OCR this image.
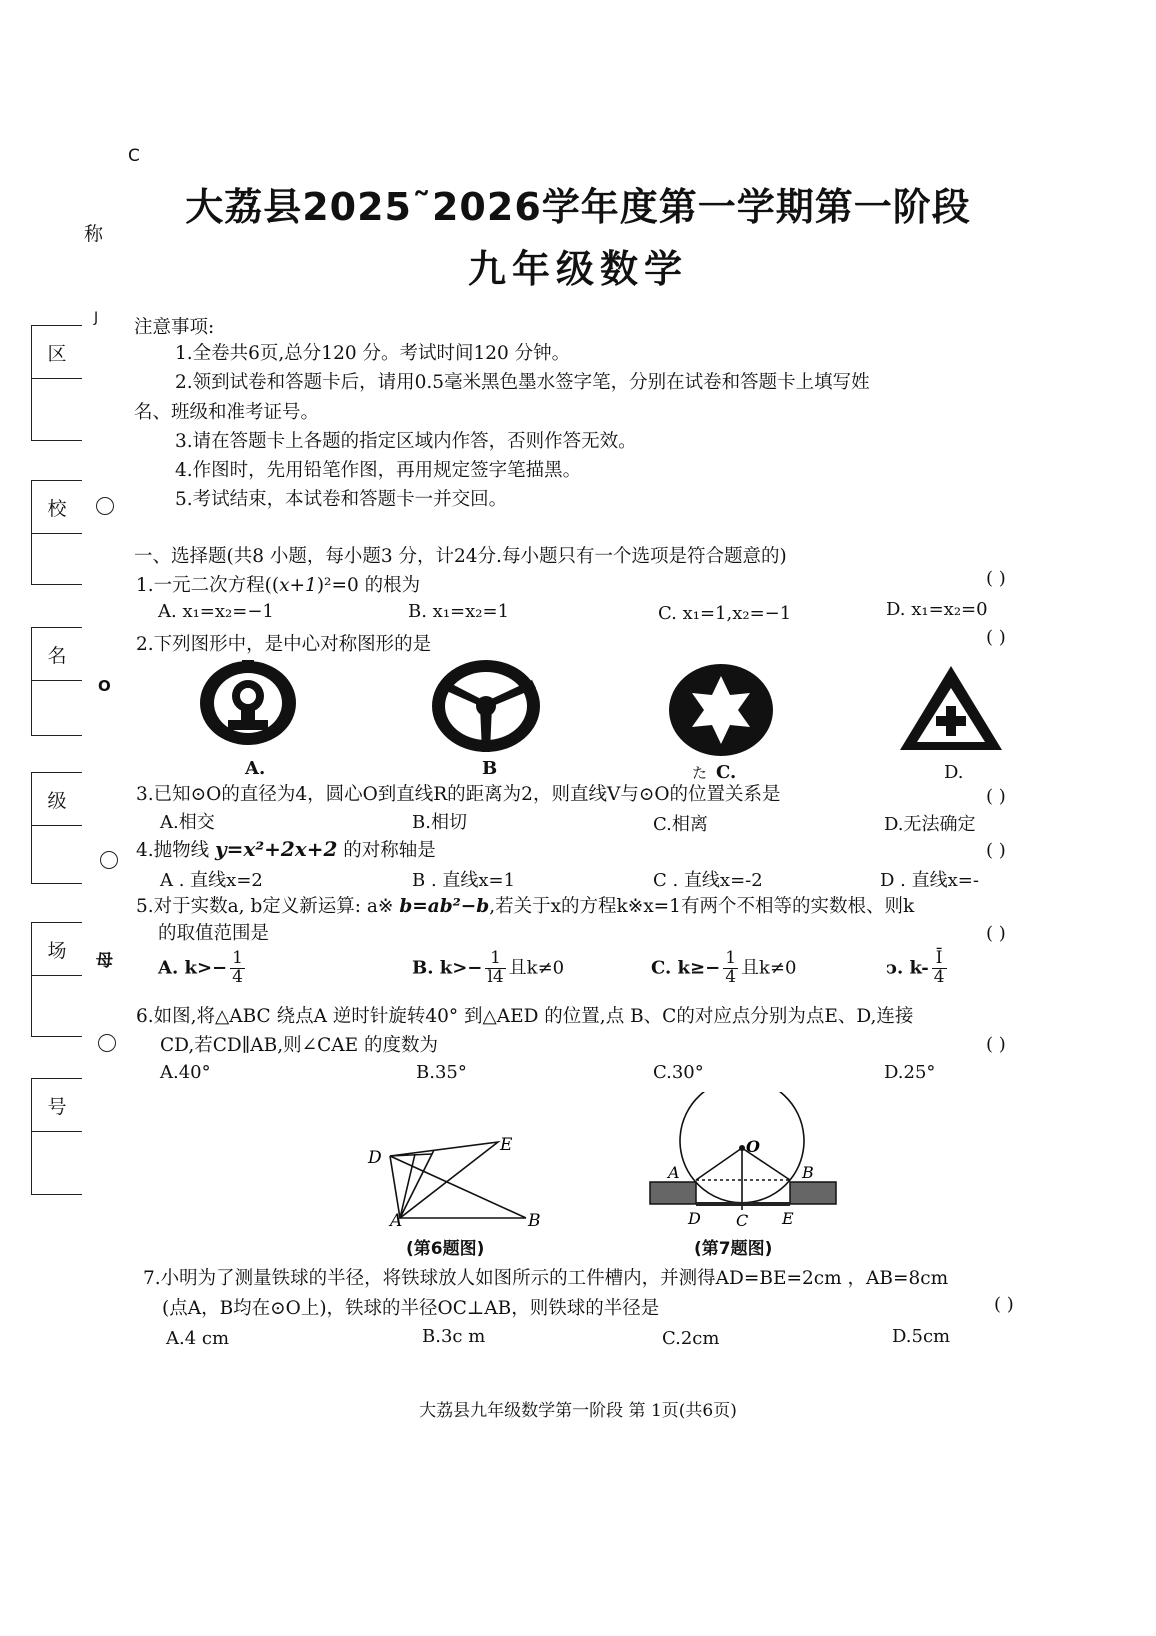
C
称
J
O
母
区
校
名
级
场
号
大荔县2025˜2026学年度第一学期第一阶段
九年级数学
注意事项:
1.全卷共6页,总分120 分。考试时间120 分钟。
2.领到试卷和答题卡后，请用0.5毫米黑色墨水签字笔，分别在试卷和答题卡上填写姓
名、班级和准考证号。
3.请在答题卡上各题的指定区域内作答，否则作答无效。
4.作图时，先用铅笔作图，再用规定签字笔描黑。
5.考试结束，本试卷和答题卡一并交回。
一、选择题(共8 小题，每小题3 分，计24分.每小题只有一个选项是符合题意的)
1.一元二次方程((x+1)²=0 的根为	( )
A. x₁=x₂=−1	B. x₁=x₂=1	C. x₁=1,x₂=−1	D. x₁=x₂=0
2.下列图形中，是中心对称图形的是	( )
A.	B	た C.	D.
3.已知⊙O的直径为4，圆心O到直线R的距离为2，则直线V与⊙O的位置关系是	( )
A.相交	B.相切	C.相离	D.无法确定
4.抛物线 y=x²+2x+2 的对称轴是	( )
A . 直线x=2	B . 直线x=1	C . 直线x=-2	D . 直线x=-
5.对于实数a, b定义新运算: a※ b=ab²−b,若关于x的方程k※x=1有两个不相等的实数根、则k
的取值范围是	( )
A. $k>- \frac{1}{4}$	B. $k>- \frac{1}{l4}$ 且k≠0	C. $k\ge- \frac{1}{4}$ 且k≠0	ↄ. $k- \frac{Ī}{4}$
6.如图,将△ABC 绕点A 逆时针旋转40° 到△AED 的位置,点 B、C的对应点分别为点E、D,连接
CD,若CD∥AB,则∠CAE 的度数为	( )
A.40°	B.35°	C.30°	D.25°
D
E
A	B
(第6题图)
O
A	B
D C E
(第7题图)
7.小明为了测量铁球的半径，将铁球放人如图所示的工件槽内，并测得AD=BE=2cm ，AB=8cm
(点A，B均在⊙O上)，铁球的半径OC⊥AB，则铁球的半径是	( )
A.4 cm	B.3c m	C.2cm	D.5cm
大荔县九年级数学第一阶段 第 1页(共6页)
